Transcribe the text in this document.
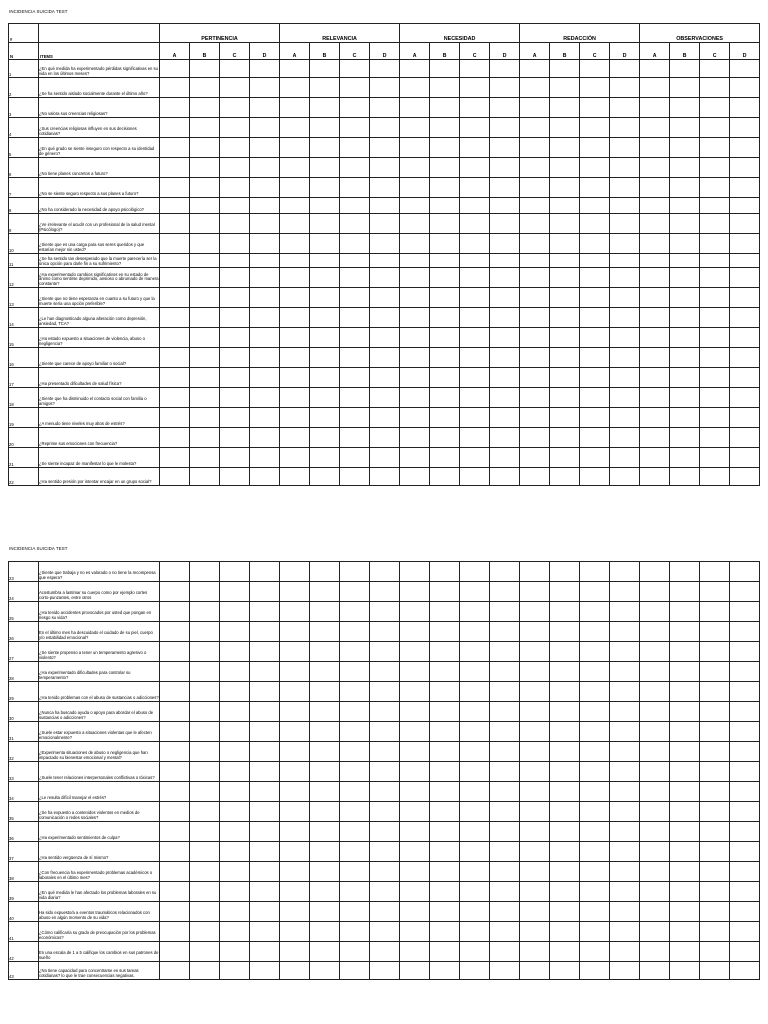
INCIDENCIA SUICIDA TEST
#		PERTINENCIA				RELEVANCIA				NECESIDAD				REDACCIÓN				OBSERVACIONES			
N	ITEMS	A	B	C	D	A	B	C	D	A	B	C	D	A	B	C	D	A	B	C	D
1	¿En qué medida ha experimentado pérdidas significativas en su vida en los últimos meses?																				
2	¿Se ha sentido aislado socialmente durante el último año?																				
3	¿No valora sus creencias religiosas?																				
4	¿Sus creencias religiosas influyen en sus decisiones cotidianas?																				
5	¿En qué grado se siente inseguro con respecto a su identidad de género?																				
6	¿No tiene planes concretos a futuro?																				
7	¿No se siente seguro respecto a sus planes a futuro?																				
8	¿No ha considerado la necesidad de apoyo psicológico?																				
9	¿Ve irrelevante el acudir con un profesional de la salud mental (Psicólogo)?																				
10	¿Siente que es una carga para sus seres queridos y que estarían mejor sin usted?																				
11	¿Se ha sentido tan desesperado que la muerte parecería ser la única opción para darle fin a su sufrimiento?																				
12	¿Ha experimentado cambios significativos en su estado de ánimo como sentirse deprimido, ansioso o abrumado de manera constante?																				
13	¿Siente que no tiene esperanza en cuanto a su futuro y que la muerte sería una opción preferible?																				
14	¿Le han diagnosticado alguna alteración como depresión, ansiedad, TCA?																				
15	¿Ha estado expuesto a situaciones de violencia, abuso o negligencia?																				
16	¿Siente que carece de apoyo familiar o social?																				
17	¿Ha presentado dificultades de salud física?																				
18	¿Siente que ha disminuido el contacto social con familia o amigos?																				
19	¿A menudo tiene niveles muy altos de estrés?																				
20	¿Reprime sus emociones con frecuencia?																				
21	¿Se siente incapaz de manifestar lo que le molesta?																				
22	¿Ha sentido presión por intentar encajar en un grupo social?																				
INCIDENCIA SUICIDA TEST
23	¿Siente que trabaja y no es valorado o no tiene la recompensa que espera?																				
24	Acostumbra a lastimar su cuerpo como por ejemplo cortes corto-punzantes, entre otros																				
25	¿Ha tenido accidentes provocados por usted que pongan en riesgo su vida?																				
26	En el último mes ha descuidado el cuidado de su piel, cuerpo y/o estabilidad emocional?																				
27	¿Se siente propenso a tener un temperamento agresivo o violento?																				
28	¿Ha experimentado dificultades para controlar su temperamento?																				
29	¿Ha tenido problemas con el abuso de sustancias o adicciones?																				
30	¿Nunca ha buscado ayuda o apoyo para abordar el abuso de sustancias o adicciones?																				
31	¿Suele estar expuesto a situaciones violentas que le afecten emocionalmente?																				
32	¿Experimenta situaciones de abuso o negligencia que han impactado su bienestar emocional y mental?																				
33	¿Suele tener relaciones interpersonales conflictivas o tóxicas?																				
34	¿Le resulta difícil manejar el estrés?																				
35	¿Se ha expuesto a contenidos violentos en medios de comunicación o redes sociales?																				
36	¿Ha experimentado sentimientos de culpa?																				
37	¿Ha sentido vergüenza de sí mismo?																				
38	¿Con frecuencia ha experimentado problemas académicos o laborales en el último mes?																				
39	¿En qué medida le han afectado los problemas laborales en su vida diaria?																				
40	Ha sido expuesto/a a eventos traumáticos relacionados con abuso en algún momento de su vida?																				
41	¿Cómo calificaría su grado de preocupación por los problemas económicos?																				
42	En una escala de 1 a 5 califique los cambios en sus patrones de sueño																				
43	¿No tiene capacidad para concentrarse en sus tareas cotidianas? lo que le trae consecuencias negativas.																				
